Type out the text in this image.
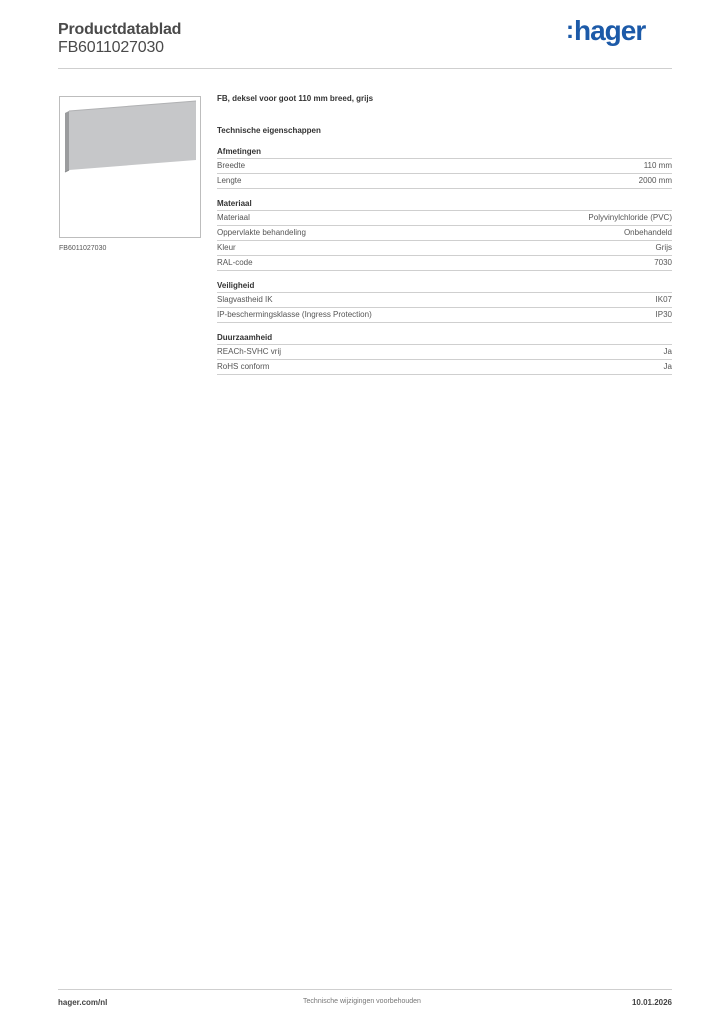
Productdatablad
FB6011027030
:hager
FB6011027030
FB, deksel voor goot 110 mm breed, grijs
Technische eigenschappen
Afmetingen
Breedte	110 mm
Lengte	2000 mm
Materiaal
Materiaal	Polyvinylchloride (PVC)
Oppervlakte behandeling	Onbehandeld
Kleur	Grijs
RAL-code	7030
Veiligheid
Slagvastheid IK	IK07
IP-beschermingsklasse (Ingress Protection)	IP30
Duurzaamheid
REACh-SVHC vrij	Ja
RoHS conform	Ja
hager.com/nl	Technische wijzigingen voorbehouden	10.01.2026
